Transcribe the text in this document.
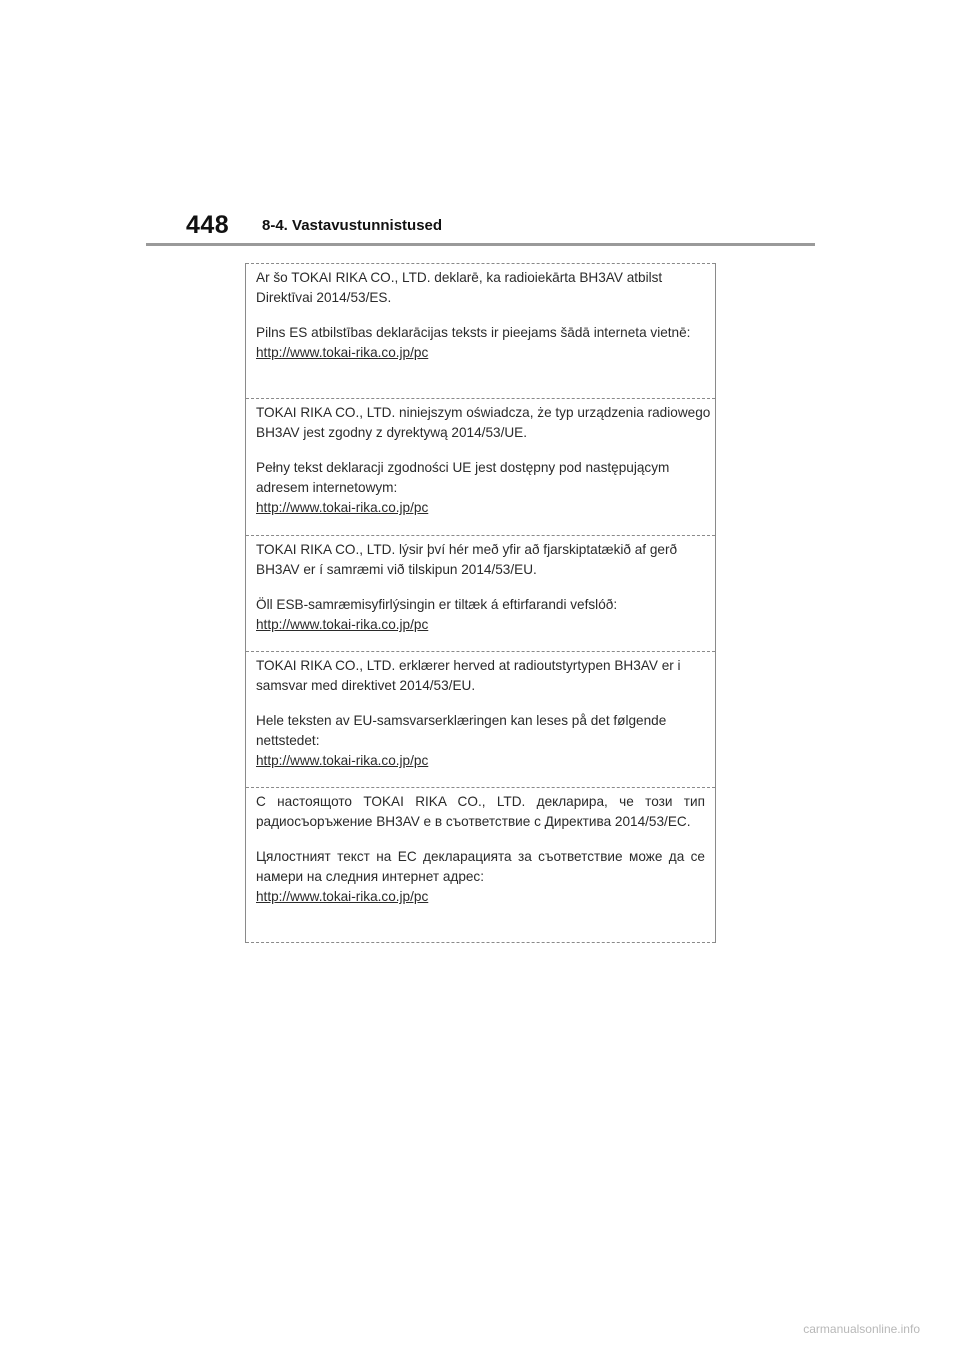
448 8-4. Vastavustunnistused

Ar šo TOKAI RIKA CO., LTD. deklarē, ka radioiekārta BH3AV atbilst Direktīvai 2014/53/ES.

Pilns ES atbilstības deklarācijas teksts ir pieejams šādā interneta vietnē:

http://www.tokai-rika.co.jp/pc

TOKAI RIKA CO., LTD. niniejszym oświadcza, że typ urządzenia radiowego BH3AV jest zgodny z dyrektywą 2014/53/UE.

Pełny tekst deklaracji zgodności UE jest dostępny pod następującym adresem internetowym:

http://www.tokai-rika.co.jp/pc

TOKAI RIKA CO., LTD. lýsir því hér með yfir að fjarskiptatækið af gerð BH3AV er í samræmi við tilskipun 2014/53/EU.

Öll ESB-samræmisyfirlýsingin er tiltæk á eftirfarandi vefslóð:

http://www.tokai-rika.co.jp/pc

TOKAI RIKA CO., LTD. erklærer herved at radioutstyrtypen BH3AV er i samsvar med direktivet 2014/53/EU.

Hele teksten av EU-samsvarserklæringen kan leses på det følgende nettstedet:

http://www.tokai-rika.co.jp/pc

С настоящото TOKAI RIKA CO., LTD. декларира, че този тип радиосъоръжение BH3AV е в съответствие с Директива 2014/53/ЕС.

Цялостният текст на ЕС декларацията за съответствие може да се намери на следния интернет адрес:

http://www.tokai-rika.co.jp/pc
carmanualsonline.info
